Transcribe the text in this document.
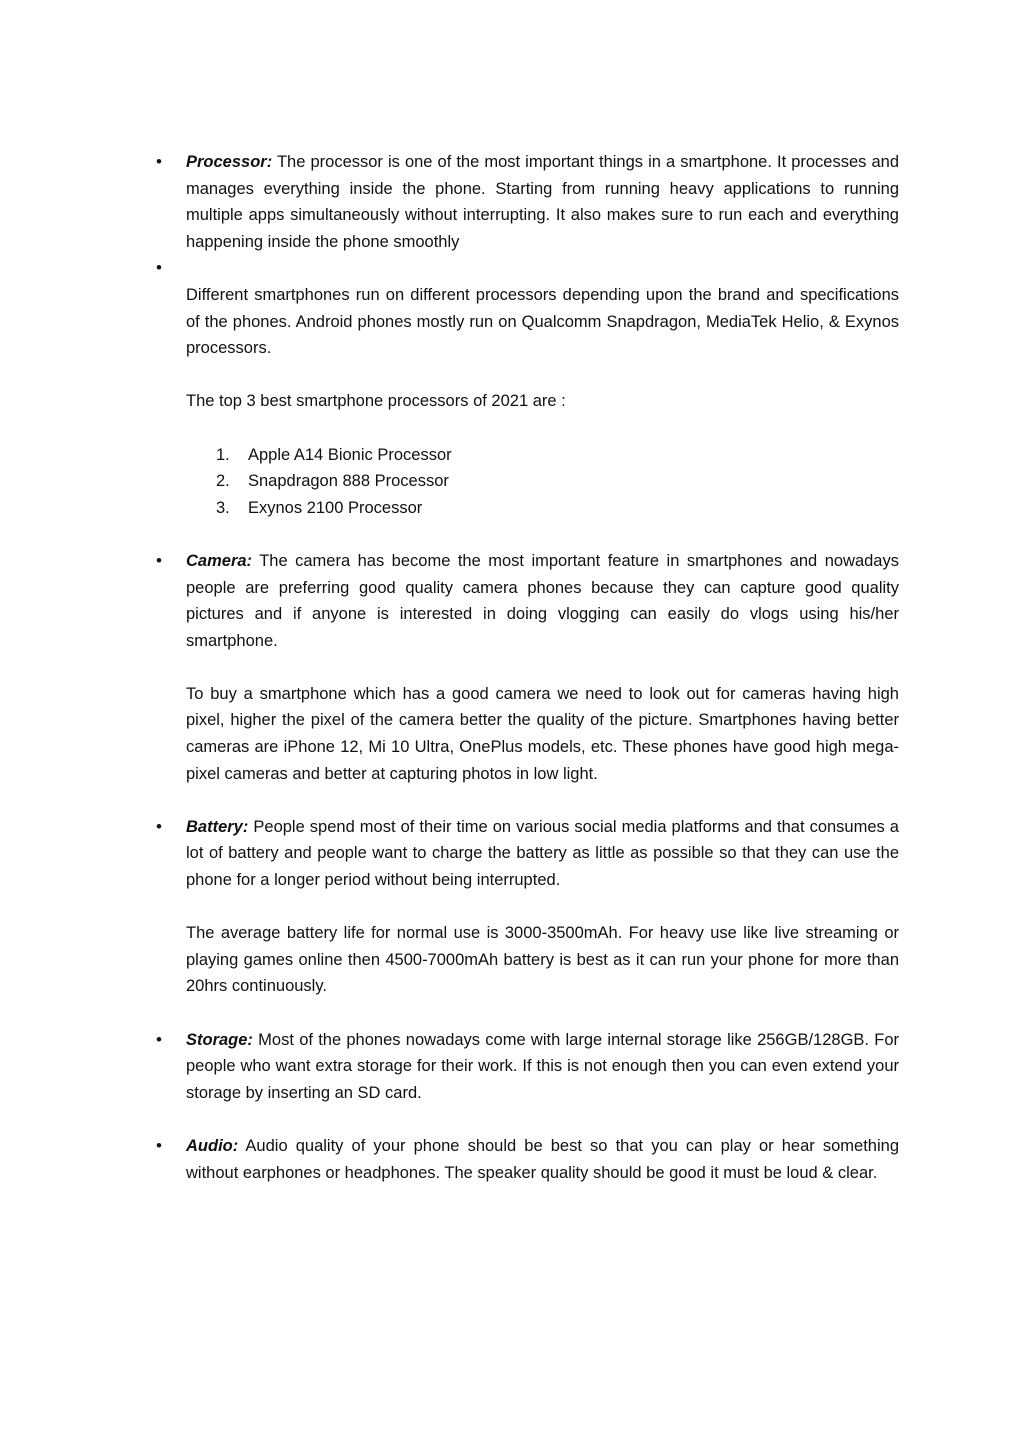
• Processor: The processor is one of the most important things in a smartphone. It processes and manages everything inside the phone. Starting from running heavy applications to running multiple apps simultaneously without interrupting. It also makes sure to run each and everything happening inside the phone smoothly

•

Different smartphones run on different processors depending upon the brand and specifications of the phones. Android phones mostly run on Qualcomm Snapdragon, MediaTek Helio, & Exynos processors.

The top 3 best smartphone processors of 2021 are :

1. Apple A14 Bionic Processor
2. Snapdragon 888 Processor
3. Exynos 2100 Processor
• Camera: The camera has become the most important feature in smartphones and nowadays people are preferring good quality camera phones because they can capture good quality pictures and if anyone is interested in doing vlogging can easily do vlogs using his/her smartphone.

To buy a smartphone which has a good camera we need to look out for cameras having high pixel, higher the pixel of the camera better the quality of the picture. Smartphones having better cameras are iPhone 12, Mi 10 Ultra, OnePlus models, etc. These phones have good high mega-pixel cameras and better at capturing photos in low light.

• Battery: People spend most of their time on various social media platforms and that consumes a lot of battery and people want to charge the battery as little as possible so that they can use the phone for a longer period without being interrupted.

The average battery life for normal use is 3000-3500mAh. For heavy use like live streaming or playing games online then 4500-7000mAh battery is best as it can run your phone for more than 20hrs continuously.

• Storage: Most of the phones nowadays come with large internal storage like 256GB/128GB. For people who want extra storage for their work. If this is not enough then you can even extend your storage by inserting an SD card.

• Audio: Audio quality of your phone should be best so that you can play or hear something without earphones or headphones. The speaker quality should be good it must be loud & clear.
